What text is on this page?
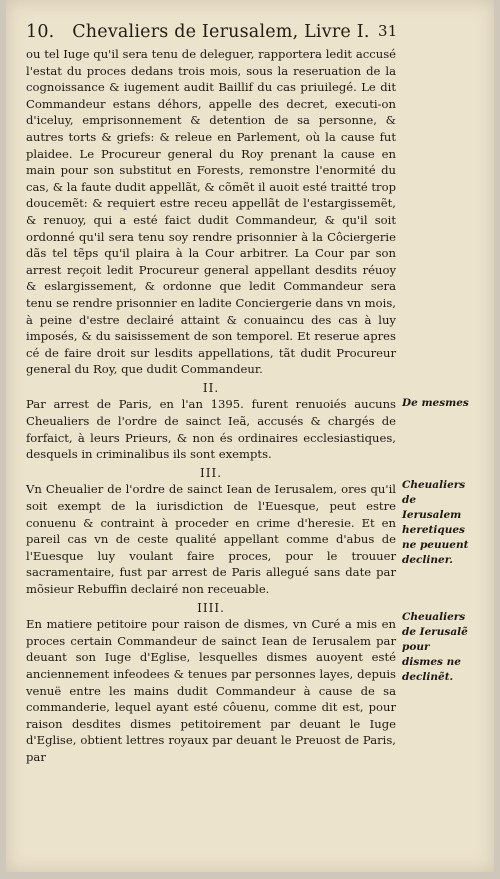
10. Chevaliers de Ierusalem, Livre I. 31

ou tel Iuge qu'il sera tenu de deleguer, rapportera ledit accusé l'estat du proces dedans trois mois, sous la reseruation de la cognoissance & iugement audit Baillif du cas priuilegé. Le dit Commandeur estans déhors, appelle des decret, executi-on d'iceluy, emprisonnement & detention de sa personne, & autres torts & griefs: & releue en Parlement, où la cause fut plaidee. Le Procureur general du Roy prenant la cause en main pour son substitut en Forests, remonstre l'enormité du cas, & la faute dudit appellãt, & cõmẽt il auoit esté traitté trop doucemẽt: & requiert estre receu appellãt de l'estargissemẽt, & renuoy, qui a esté faict dudit Commandeur, & qu'il soit ordonné qu'il sera tenu soy rendre prisonnier à la Côciergerie dãs tel tẽps qu'il plaira à la Cour arbitrer. La Cour par son arrest reçoit ledit Procureur general appellant desdits réuoy & eslargissement, & ordonne que ledit Commandeur sera tenu se rendre prisonnier en ladite Conciergerie dans vn mois, à peine d'estre declairé attaint & conuaincu des cas à luy imposés, & du saisissement de son temporel. Et reserue apres cé de faire droit sur lesdits appellations, tãt dudit Procureur general du Roy, que dudit Commandeur.

II.

Par arrest de Paris, en l'an 1395. furent renuoiés aucuns Cheualiers de l'ordre de sainct Ieã, accusés & chargés de forfaict, à leurs Prieurs, & non és ordinaires ecclesiastiques, desquels in criminalibus ils sont exempts.

III.

Vn Cheualier de l'ordre de sainct Iean de Ierusalem, ores qu'il soit exempt de la iurisdiction de l'Euesque, peut estre conuenu & contraint à proceder en crime d'heresie. Et en pareil cas vn de ceste qualité appellant comme d'abus de l'Euesque luy voulant faire proces, pour le trouuer sacramentaire, fust par arrest de Paris allegué sans date par mõsieur Rebuffin declairé non receuable.

IIII.

En matiere petitoire pour raison de dismes, vn Curé a mis en proces certain Commandeur de sainct Iean de Ierusalem par deuant son Iuge d'Eglise, lesquelles dismes auoyent esté anciennement infeodees & tenues par personnes layes, depuis venuë entre les mains dudit Commandeur à cause de sa commanderie, lequel ayant esté côuenu, comme dit est, pour raison desdites dismes petitoirement par deuant le Iuge d'Eglise, obtient lettres royaux par deuant le Preuost de Paris, par

De mesmes
Cheualiers de Ierusalem heretiques ne peuuent decliner.
Cheualiers de Ierusalẽ pour dismes ne declinẽt.
